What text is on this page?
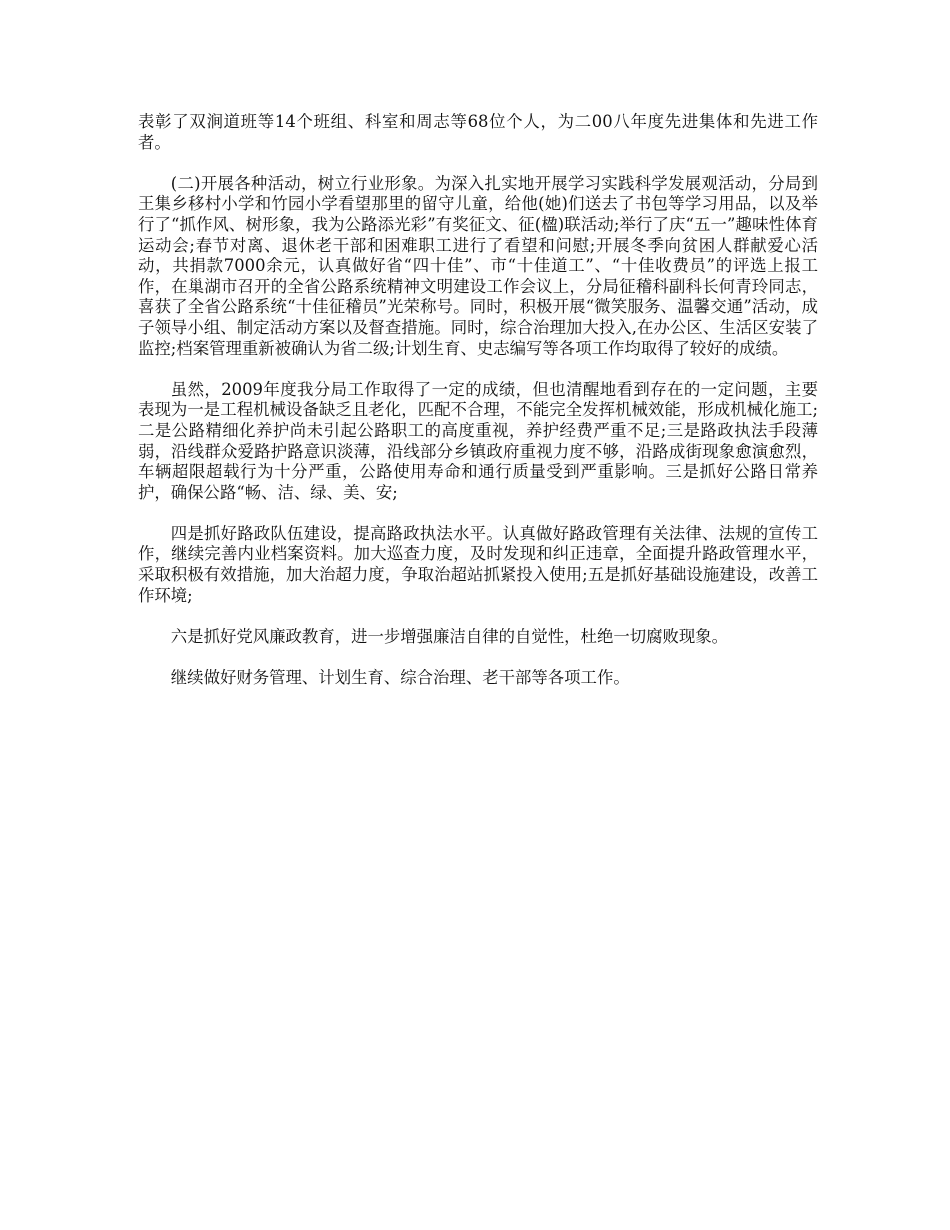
表彰了双涧道班等14个班组、科室和周志等68位个人，为二00八年度先进集体和先进工作者。

(二)开展各种活动，树立行业形象。为深入扎实地开展学习实践科学发展观活动，分局到王集乡移村小学和竹园小学看望那里的留守儿童，给他(她)们送去了书包等学习用品，以及举行了“抓作风、树形象，我为公路添光彩”有奖征文、征(楹)联活动;举行了庆“五一”趣味性体育运动会;春节对离、退休老干部和困难职工进行了看望和问慰;开展冬季向贫困人群献爱心活动，共捐款7000余元，认真做好省“四十佳”、市“十佳道工”、“十佳收费员”的评选上报工作，在巢湖市召开的全省公路系统精神文明建设工作会议上，分局征稽科副科长何青玲同志，喜获了全省公路系统“十佳征稽员”光荣称号。同时，积极开展“微笑服务、温馨交通”活动，成子领导小组、制定活动方案以及督查措施。同时，综合治理加大投入,在办公区、生活区安装了监控;档案管理重新被确认为省二级;计划生育、史志编写等各项工作均取得了较好的成绩。

虽然，2009年度我分局工作取得了一定的成绩，但也清醒地看到存在的一定问题，主要表现为一是工程机械设备缺乏且老化，匹配不合理，不能完全发挥机械效能，形成机械化施工;二是公路精细化养护尚未引起公路职工的高度重视，养护经费严重不足;三是路政执法手段薄弱，沿线群众爱路护路意识淡薄，沿线部分乡镇政府重视力度不够，沿路成街现象愈演愈烈，车辆超限超载行为十分严重，公路使用寿命和通行质量受到严重影响。三是抓好公路日常养护，确保公路“畅、洁、绿、美、安;

四是抓好路政队伍建设，提高路政执法水平。认真做好路政管理有关法律、法规的宣传工作，继续完善内业档案资料。加大巡查力度，及时发现和纠正违章，全面提升路政管理水平，采取积极有效措施，加大治超力度，争取治超站抓紧投入使用;五是抓好基础设施建设，改善工作环境;

六是抓好党风廉政教育，进一步增强廉洁自律的自觉性，杜绝一切腐败现象。

继续做好财务管理、计划生育、综合治理、老干部等各项工作。
